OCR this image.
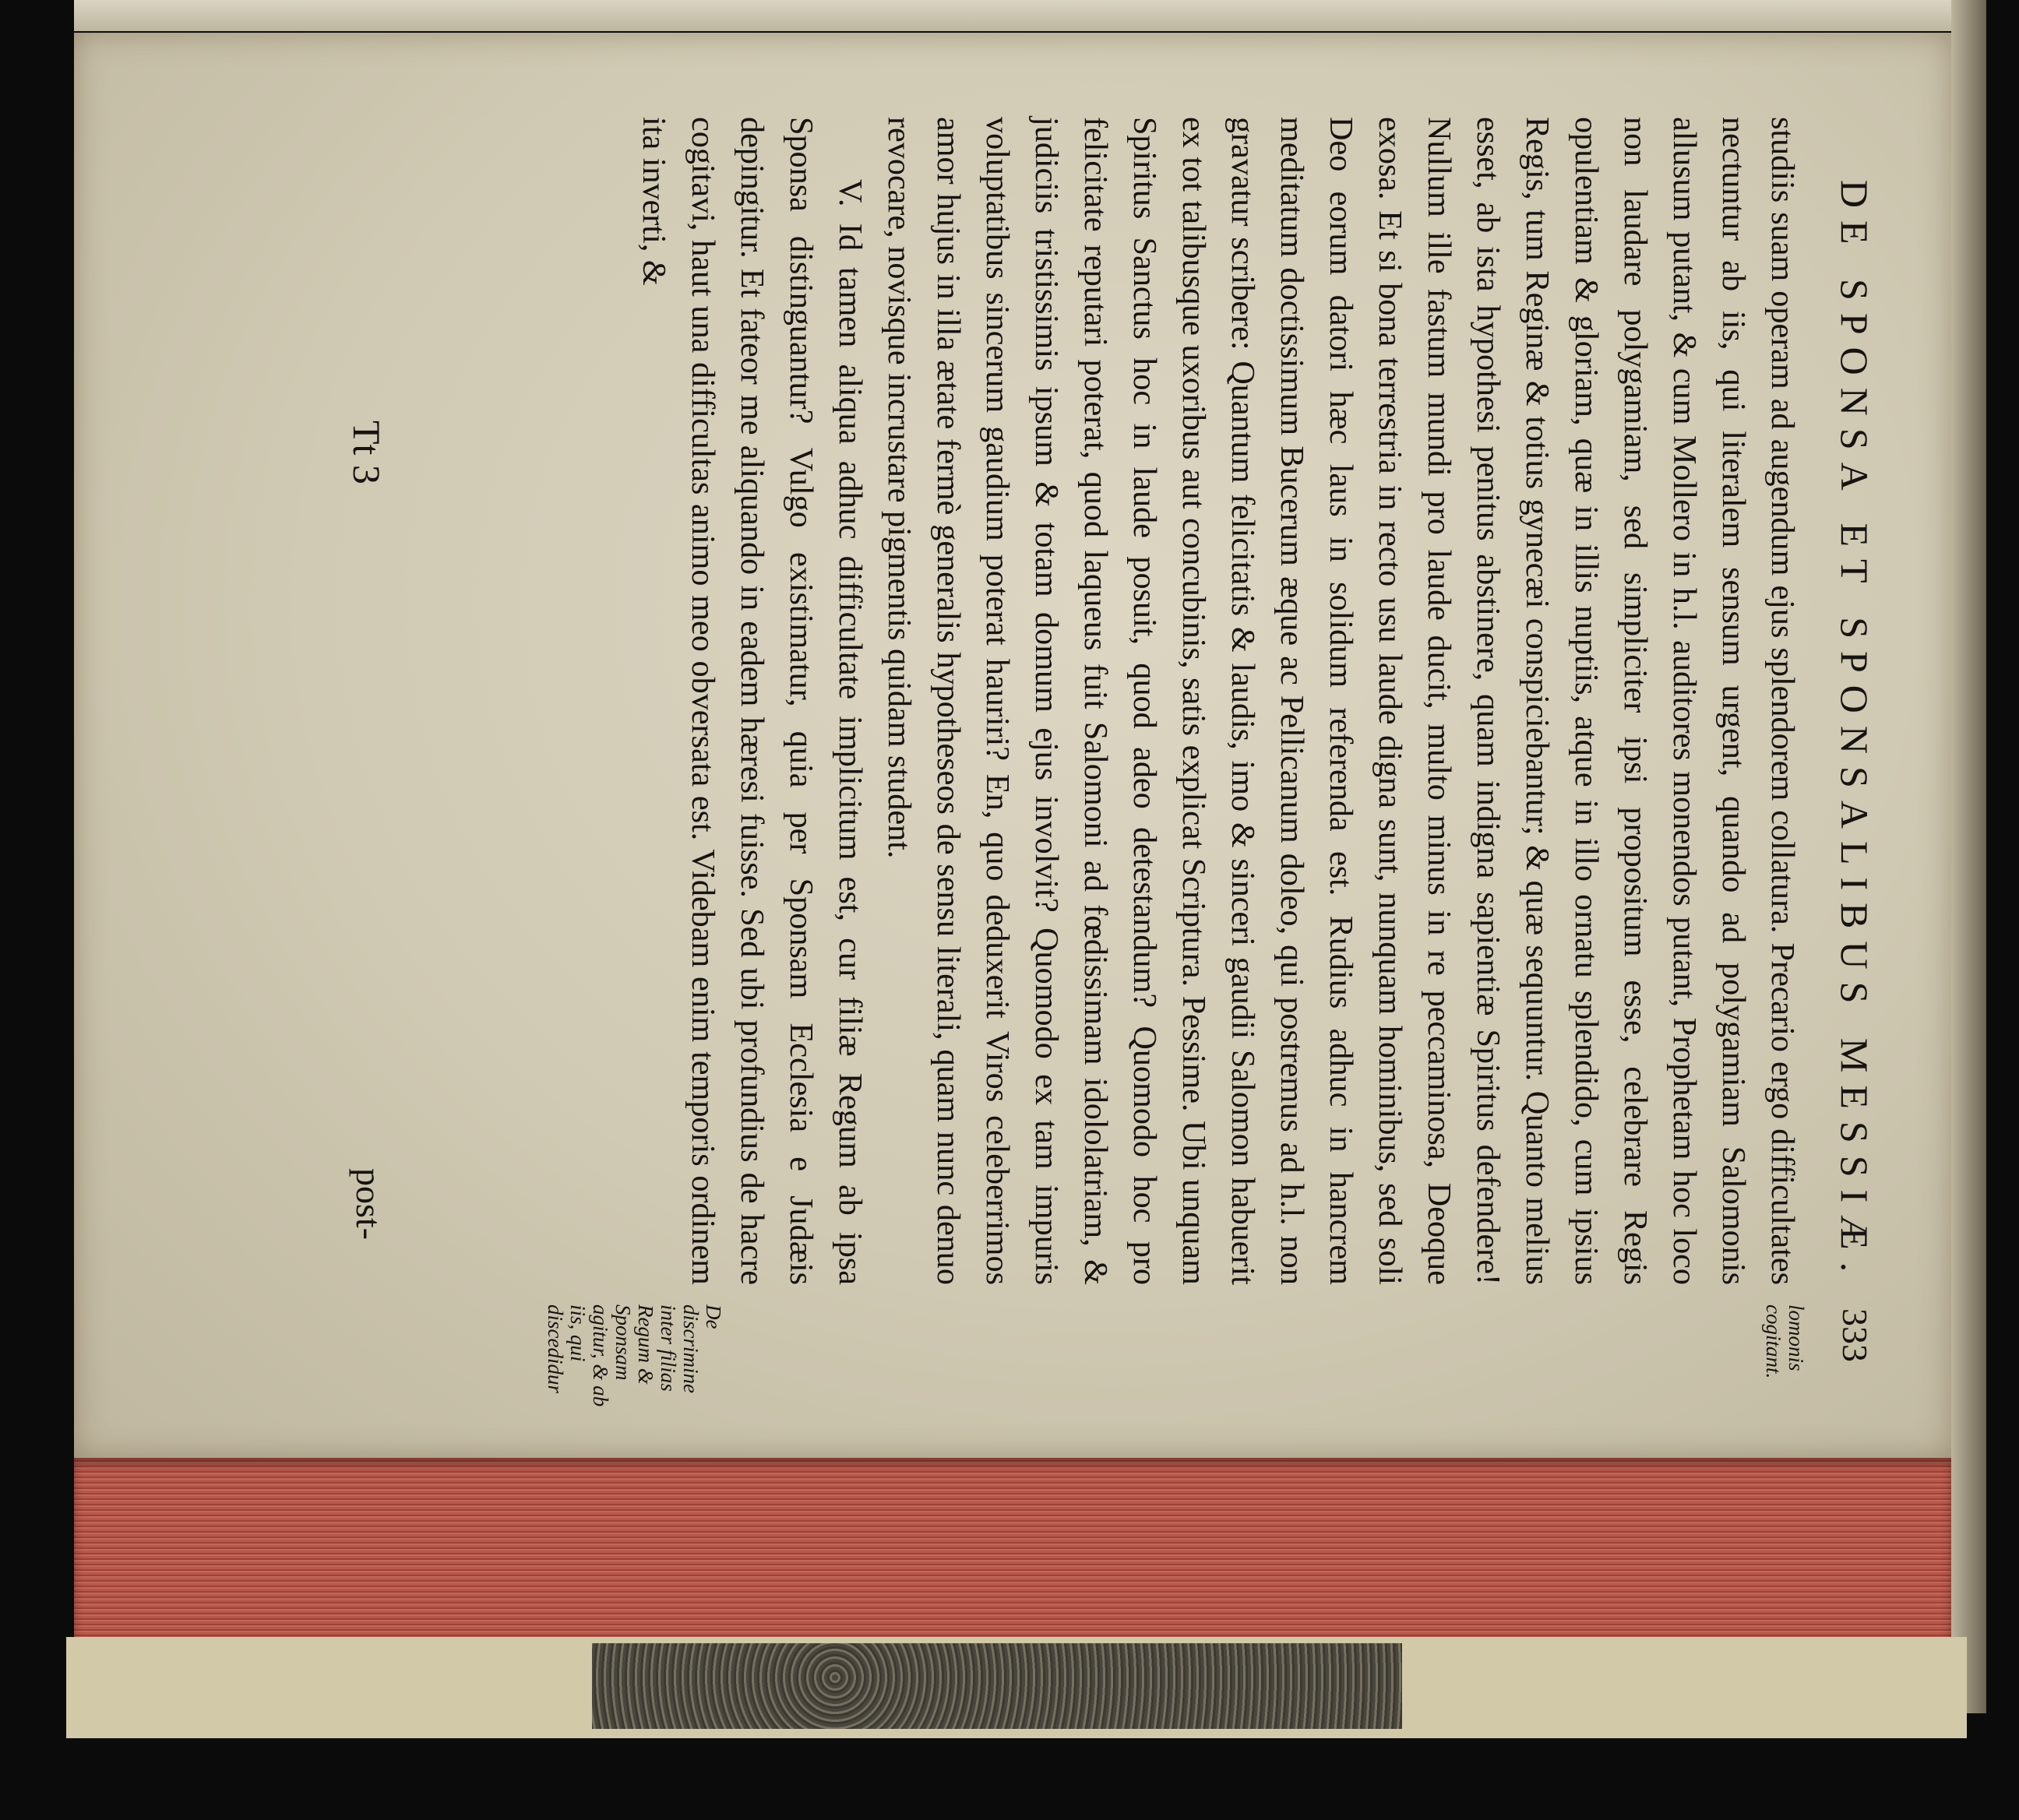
DE SPONSA ET SPONSALIBUS MESSIÆ.
333

studiis suam operam ad augendum ejus splendorem collatura. Precario ergo difficultates nectuntur ab iis, qui literalem sensum urgent, quando ad polygamiam Salomonis allusum putant, & cum Mollero in h.l. auditores monendos putant, Prophetam hoc loco non laudare polygamiam, sed simpliciter ipsi propositum esse, celebrare Regis opulentiam & gloriam, quæ in illis nuptiis, atque in illo ornatu splendido, cum ipsius Regis, tum Reginæ & totius gynecæi conspiciebantur; & quæ sequuntur. Quanto melius esset, ab ista hypothesi penitus abstinere, quam indigna sapientiæ Spiritus defendere! Nullum ille fastum mundi pro laude ducit, multo minus in re peccaminosa, Deoque exosa. Et si bona terrestria in recto usu laude digna sunt, nunquam hominibus, sed soli Deo eorum datori hæc laus in solidum referenda est. Rudius adhuc in hancrem meditatum doctissimum Bucerum æque ac Pellicanum doleo, qui postremus ad h.l. non gravatur scribere: Quantum felicitatis & laudis, imo & sinceri gaudii Salomon habuerit ex tot talibusque uxoribus aut concubinis, satis explicat Scriptura. Pessime. Ubi unquam Spiritus Sanctus hoc in laude posuit, quod adeo detestandum? Quomodo hoc pro felicitate reputari poterat, quod laqueus fuit Salomoni ad fœdissimam idololatriam, & judiciis tristissimis ipsum & totam domum ejus involvit? Quomodo ex tam impuris voluptatibus sincerum gaudium poterat hauriri? En, quo deduxerit Viros celeberrimos amor hujus in illa ætate fermè generalis hypotheseos de sensu literali, quam nunc denuo revocare, novisque incrustare pigmentis quidam student.

V. Id tamen aliqua adhuc difficultate implicitum est, cur filiæ Regum ab ipsa Sponsa distinguantur? Vulgo existimatur, quia per Sponsam Ecclesia e Judæis depingitur. Et fateor me aliquando in eadem hæresi fuisse. Sed ubi profundius de hacre cogitavi, haut una difficultas animo meo obversata est. Videbam enim temporis ordinem ita inverti, &

lomonis cogitant.
De discrimine inter filias Regum & Sponsam agitur, & ab iis, qui discedidur
Tt 3
post-
